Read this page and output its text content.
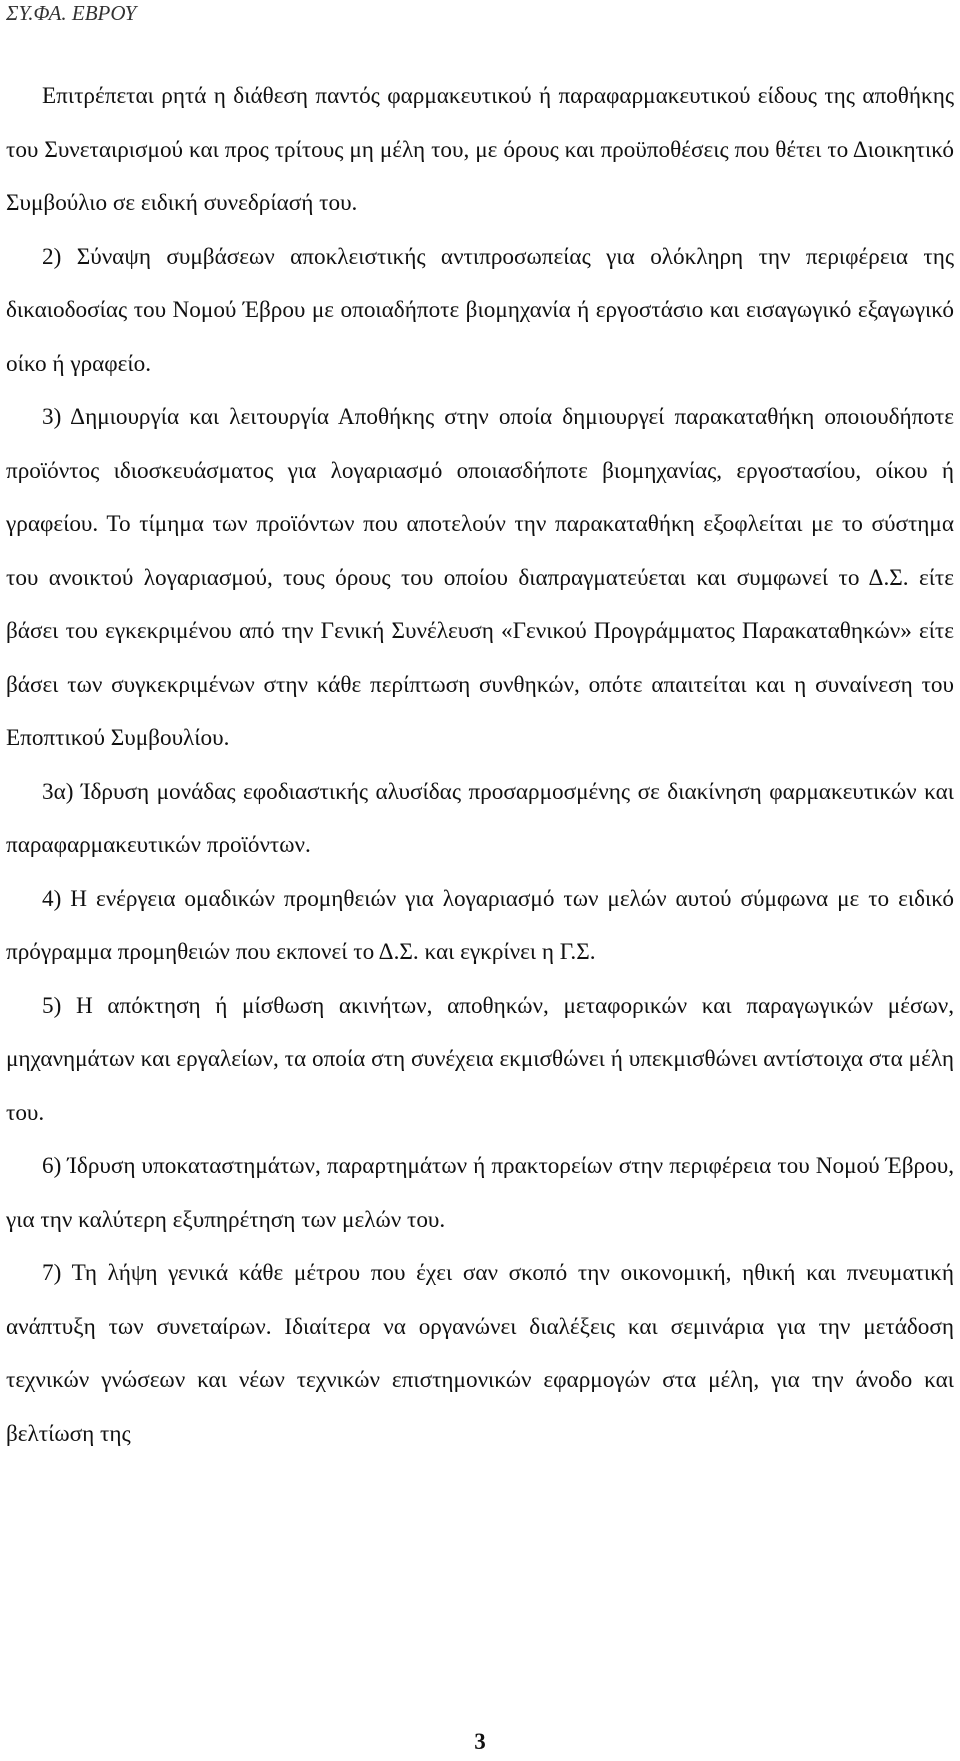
ΣΥ.ΦΑ. ΕΒΡΟΥ

Επιτρέπεται ρητά η διάθεση παντός φαρμακευτικού ή παραφαρμακευτικού είδους της αποθήκης του Συνεταιρισμού και προς τρίτους μη μέλη του, με όρους και προϋποθέσεις που θέτει το Διοικητικό Συμβούλιο σε ειδική συνεδρίασή του.

2) Σύναψη συμβάσεων αποκλειστικής αντιπροσωπείας για ολόκληρη την περιφέρεια της δικαιοδοσίας του Νομού Έβρου με οποιαδήποτε βιομηχανία ή εργοστάσιο και εισαγωγικό εξαγωγικό οίκο ή γραφείο.

3) Δημιουργία και λειτουργία Αποθήκης στην οποία δημιουργεί παρακαταθήκη οποιουδήποτε προϊόντος ιδιοσκευάσματος για λογαριασμό οποιασδήποτε βιομηχανίας, εργοστασίου, οίκου ή γραφείου. Το τίμημα των προϊόντων που αποτελούν την παρακαταθήκη εξοφλείται με το σύστημα του ανοικτού λογαριασμού, τους όρους του οποίου διαπραγματεύεται και συμφωνεί το Δ.Σ. είτε βάσει του εγκεκριμένου από την Γενική Συνέλευση «Γενικού Προγράμματος Παρακαταθηκών» είτε βάσει των συγκεκριμένων στην κάθε περίπτωση συνθηκών, οπότε απαιτείται και η συναίνεση του Εποπτικού Συμβουλίου.

3α) Ίδρυση μονάδας εφοδιαστικής αλυσίδας προσαρμοσμένης σε διακίνηση φαρμακευτικών και παραφαρμακευτικών προϊόντων.

4) Η ενέργεια ομαδικών προμηθειών για λογαριασμό των μελών αυτού σύμφωνα με το ειδικό πρόγραμμα προμηθειών που εκπονεί το Δ.Σ. και εγκρίνει η Γ.Σ.

5) Η απόκτηση ή μίσθωση ακινήτων, αποθηκών, μεταφορικών και παραγωγικών μέσων, μηχανημάτων και εργαλείων, τα οποία στη συνέχεια εκμισθώνει ή υπεκμισθώνει αντίστοιχα στα μέλη του.

6) Ίδρυση υποκαταστημάτων, παραρτημάτων ή πρακτορείων στην περιφέρεια του Νομού Έβρου, για την καλύτερη εξυπηρέτηση των μελών του.

7) Τη λήψη γενικά κάθε μέτρου που έχει σαν σκοπό την οικονομική, ηθική και πνευματική ανάπτυξη των συνεταίρων. Ιδιαίτερα να οργανώνει διαλέξεις και σεμινάρια για την μετάδοση τεχνικών γνώσεων και νέων τεχνικών επιστημονικών εφαρμογών στα μέλη, για την άνοδο και βελτίωση της

3
